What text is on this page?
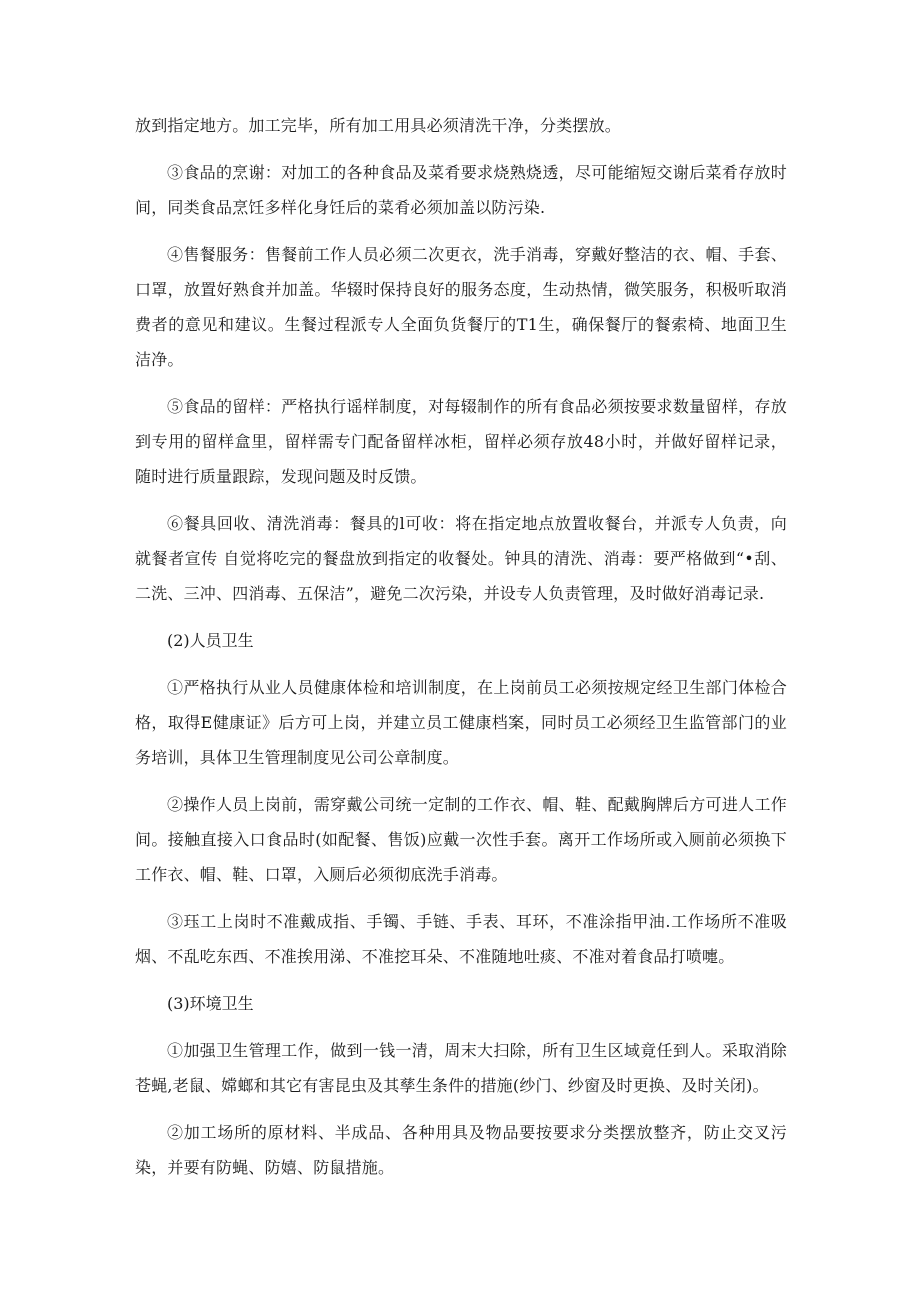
放到指定地方。加工完毕，所有加工用具必须清洗干净，分类摆放。

③食品的烹谢：对加工的各种食品及菜肴要求烧熟烧透，尽可能缩短交谢后菜肴存放时间，同类食品烹饪多样化身饪后的菜肴必须加盖以防污染.

④售餐服务：售餐前工作人员必须二次更衣，洗手消毒，穿戴好整洁的衣、帽、手套、口罩，放置好熟食并加盖。华辍时保持良好的服务态度，生动热情，微笑服务，积极听取消费者的意见和建议。生餐过程派专人全面负货餐厅的T1生，确保餐厅的餐索椅、地面卫生洁净。

⑤食品的留样：严格执行谣样制度，对每辍制作的所有食品必须按要求数量留样，存放到专用的留样盒里，留样需专门配备留样冰柜，留样必须存放48小时，并做好留样记录，随时进行质量跟踪，发现问题及时反馈。

⑥餐具回收、清洗消毒：餐具的l可收：将在指定地点放置收餐台，并派专人负责，向就餐者宣传 自觉将吃完的餐盘放到指定的收餐处。钟具的清洗、消毒：要严格做到“•刮、二洗、三冲、四消毒、五保洁”，避免二次污染，并设专人负责管理，及时做好消毒记录.

(2)人员卫生

①严格执行从业人员健康体检和培训制度，在上岗前员工必须按规定经卫生部门体检合格，取得E健康证》后方可上岗，并建立员工健康档案，同时员工必须经卫生监管部门的业务培训，具体卫生管理制度见公司公章制度。

②操作人员上岗前，需穿戴公司统一定制的工作衣、帽、鞋、配戴胸牌后方可进人工作间。接触直接入口食品时(如配餐、售饭)应戴一次性手套。离开工作场所或入厕前必须换下工作衣、帽、鞋、口罩，入厕后必须彻底洗手消毒。

③珏工上岗时不准戴成指、手镯、手链、手表、耳环，不准涂指甲油.工作场所不准吸烟、不乱吃东西、不准挨用涕、不准挖耳朵、不准随地吐痰、不准对着食品打喷嚏。

(3)环境卫生

①加强卫生管理工作，做到一钱一清，周末大扫除，所有卫生区域竟任到人。采取消除苍蝇,老鼠、嫦螂和其它有害昆虫及其孳生条件的措施(纱门、纱窗及时更换、及时关闭)。

②加工场所的原材料、半成品、各种用具及物品要按要求分类摆放整齐，防止交叉污染，并要有防蝇、防嬉、防鼠措施。
